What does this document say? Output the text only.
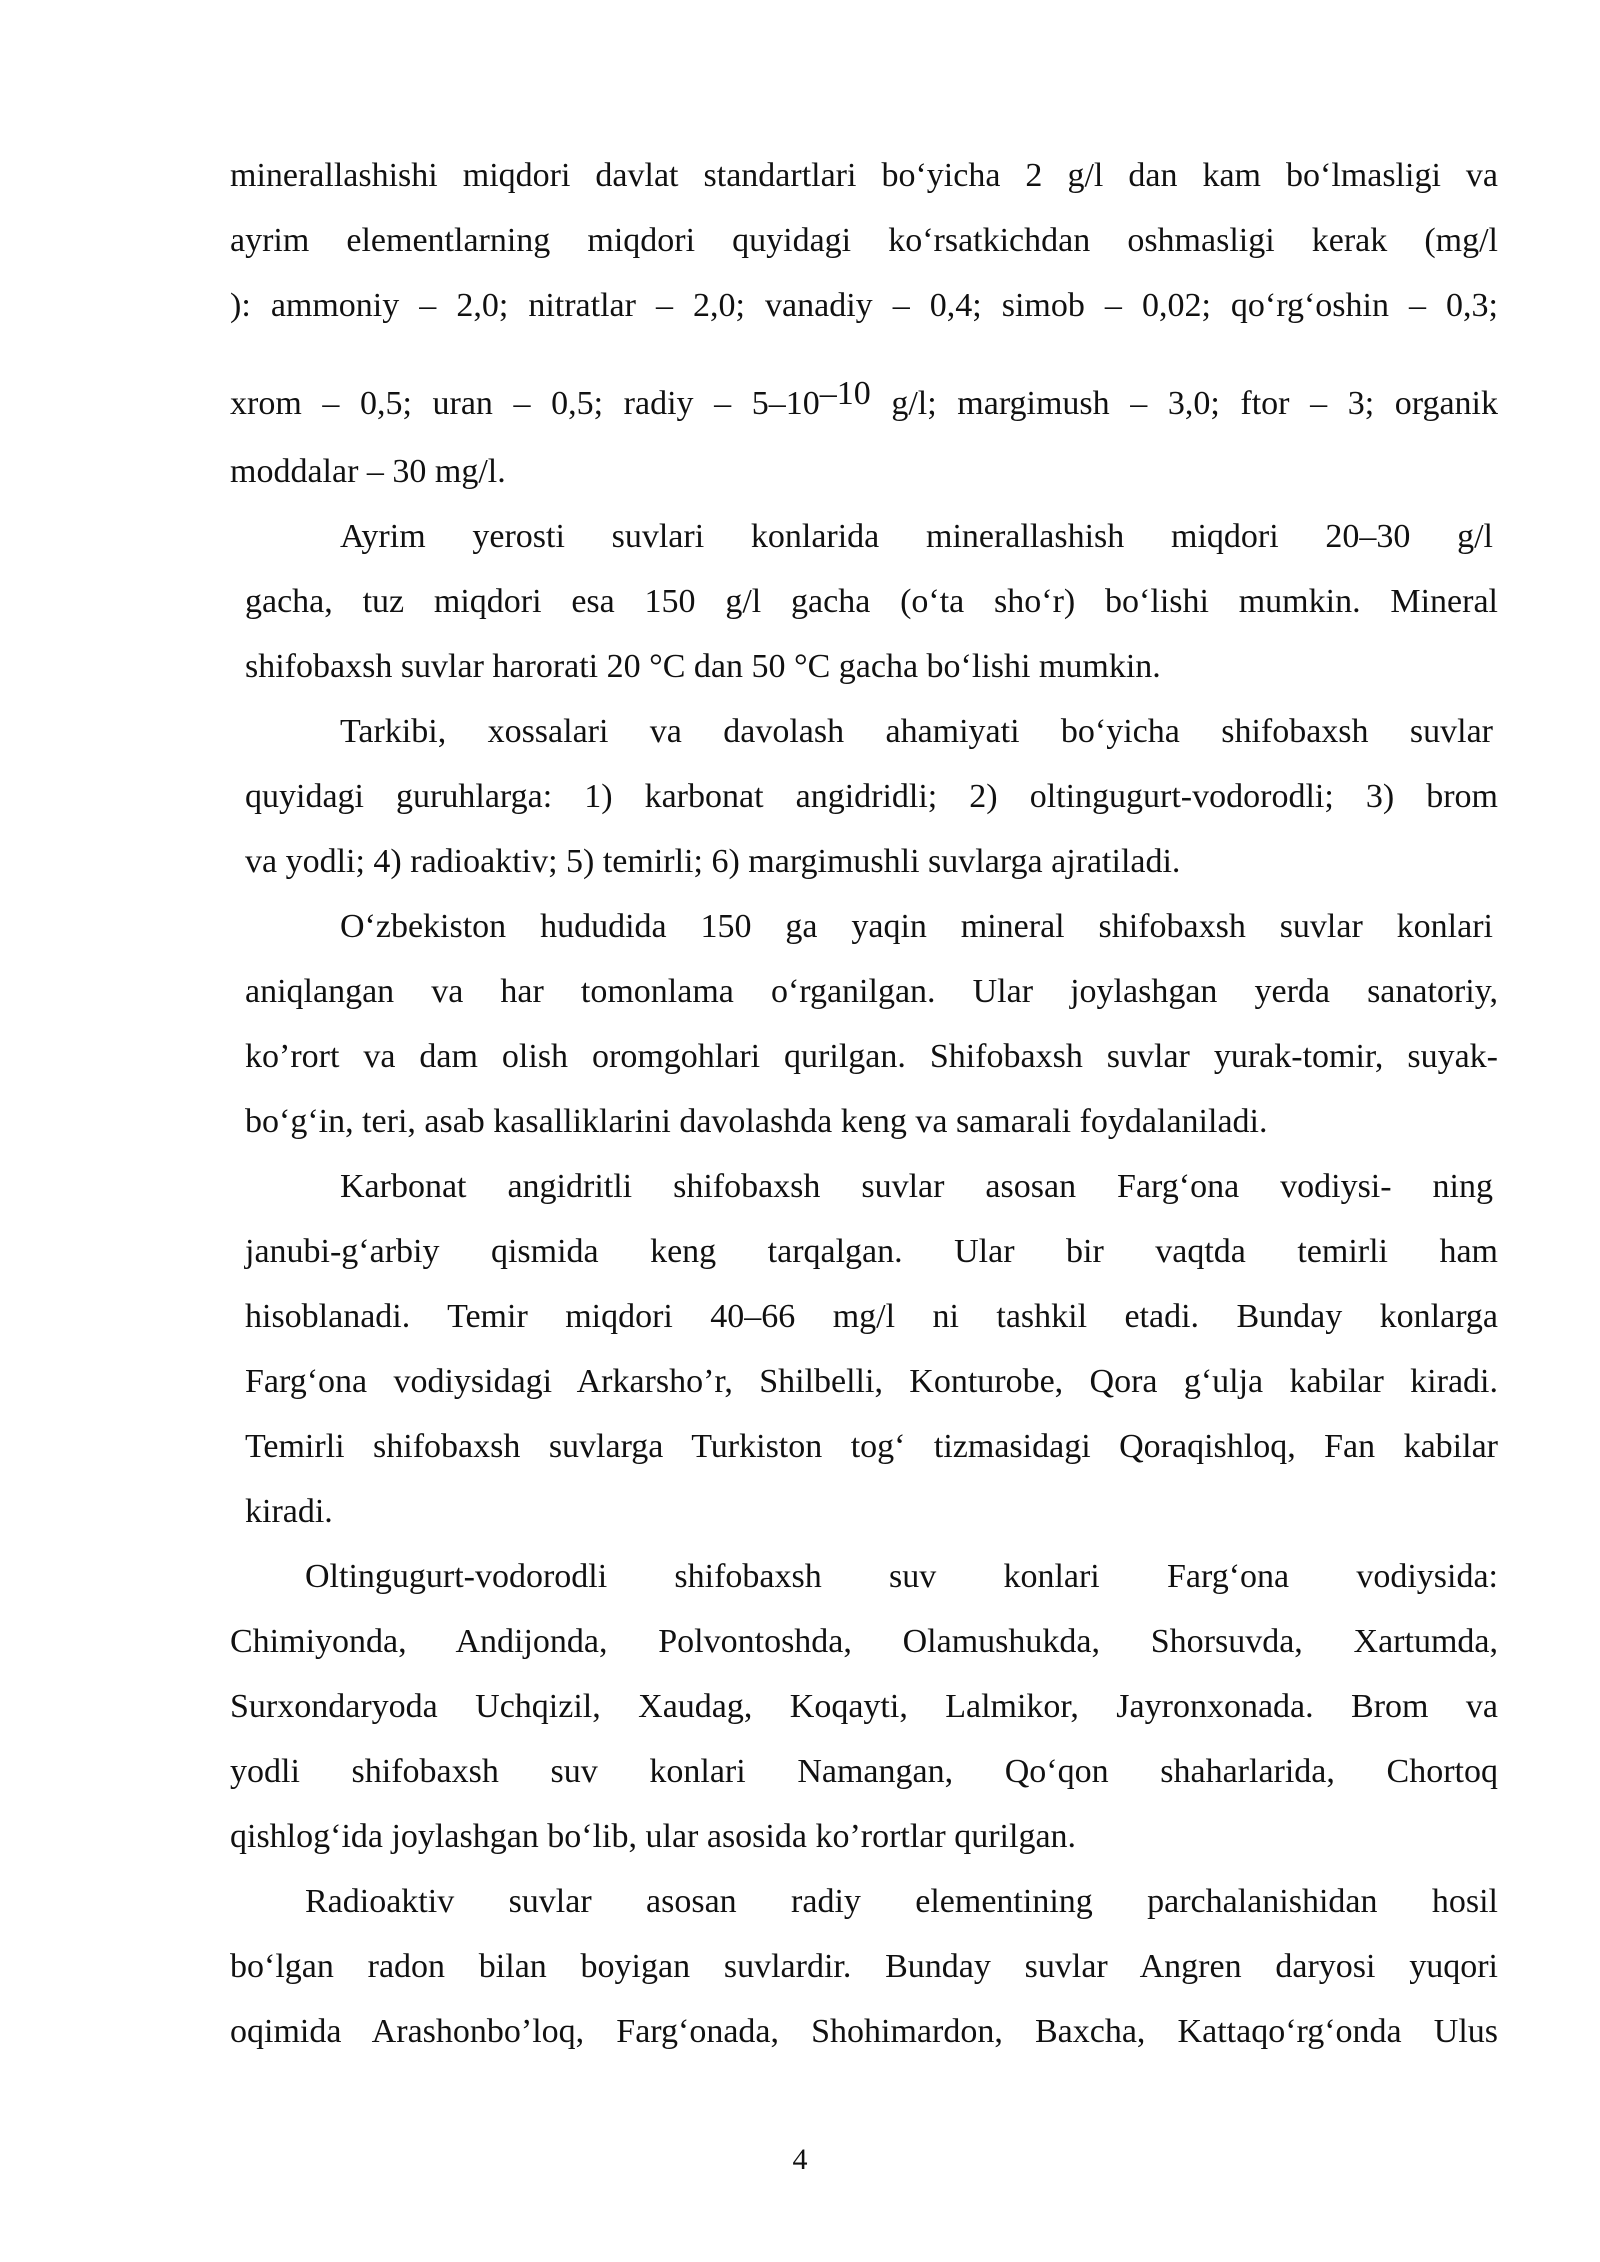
minerallashishi miqdori davlat standartlari bo‘yicha 2 g/l dan kam bo‘lmasligi va
ayrim elementlarning miqdori quyidagi ko‘rsatkichdan oshmasligi kerak (mg/l
): ammoniy – 2,0; nitratlar – 2,0; vanadiy – 0,4; simob – 0,02; qo‘rg‘oshin – 0,3;
xrom – 0,5; uran – 0,5; radiy – $5-10^{-10}$ g/l; margimush – 3,0; ftor – 3; organik
moddalar – 30 mg/l.
Ayrim yerosti suvlari konlarida minerallashish miqdori 20–30 g/l
gacha, tuz miqdori esa 150 g/l gacha (o‘ta sho‘r) bo‘lishi mumkin. Mineral
shifobaxsh suvlar harorati 20 °C dan 50 °C gacha bo‘lishi mumkin.
Tarkibi, xossalari va davolash ahamiyati bo‘yicha shifobaxsh suvlar
quyidagi guruhlarga: 1) karbonat angidridli; 2) oltingugurt-vodorodli; 3) brom
va yodli; 4) radioaktiv; 5) temirli; 6) margimushli suvlarga ajratiladi.
O‘zbekiston hududida 150 ga yaqin mineral shifobaxsh suvlar konlari
aniqlangan va har tomonlama o‘rganilgan. Ular joylashgan yerda sanatoriy,
ko’rort va dam olish oromgohlari qurilgan. Shifobaxsh suvlar yurak-tomir, suyak-
bo‘g‘in, teri, asab kasalliklarini davolashda keng va samarali foydalaniladi.
Karbonat angidritli shifobaxsh suvlar asosan Farg‘ona vodiysi- ning
janubi-g‘arbiy qismida keng tarqalgan. Ular bir vaqtda temirli ham
hisoblanadi. Temir miqdori 40–66 mg/l ni tashkil etadi. Bunday konlarga
Farg‘ona vodiysidagi Arkarsho’r, Shilbelli, Konturobe, Qora g‘ulja kabilar kiradi.
Temirli shifobaxsh suvlarga Turkiston tog‘ tizmasidagi Qoraqishloq, Fan kabilar
kiradi.
Oltingugurt-vodorodli shifobaxsh suv konlari Farg‘ona vodiysida:
Chimiyonda, Andijonda, Polvontoshda, Olamushukda, Shorsuvda, Xartumda,
Surxondaryoda Uchqizil, Xaudag, Koqayti, Lalmikor, Jayronxonada. Brom va
yodli shifobaxsh suv konlari Namangan, Qo‘qon shaharlarida, Chortoq
qishlog‘ida joylashgan bo‘lib, ular asosida ko’rortlar qurilgan.
Radioaktiv suvlar asosan radiy elementining parchalanishidan hosil
bo‘lgan radon bilan boyigan suvlardir. Bunday suvlar Angren daryosi yuqori
oqimida Arashonbo’loq, Farg‘onada, Shohimardon, Baxcha, Kattaqo‘rg‘onda Ulus
4
